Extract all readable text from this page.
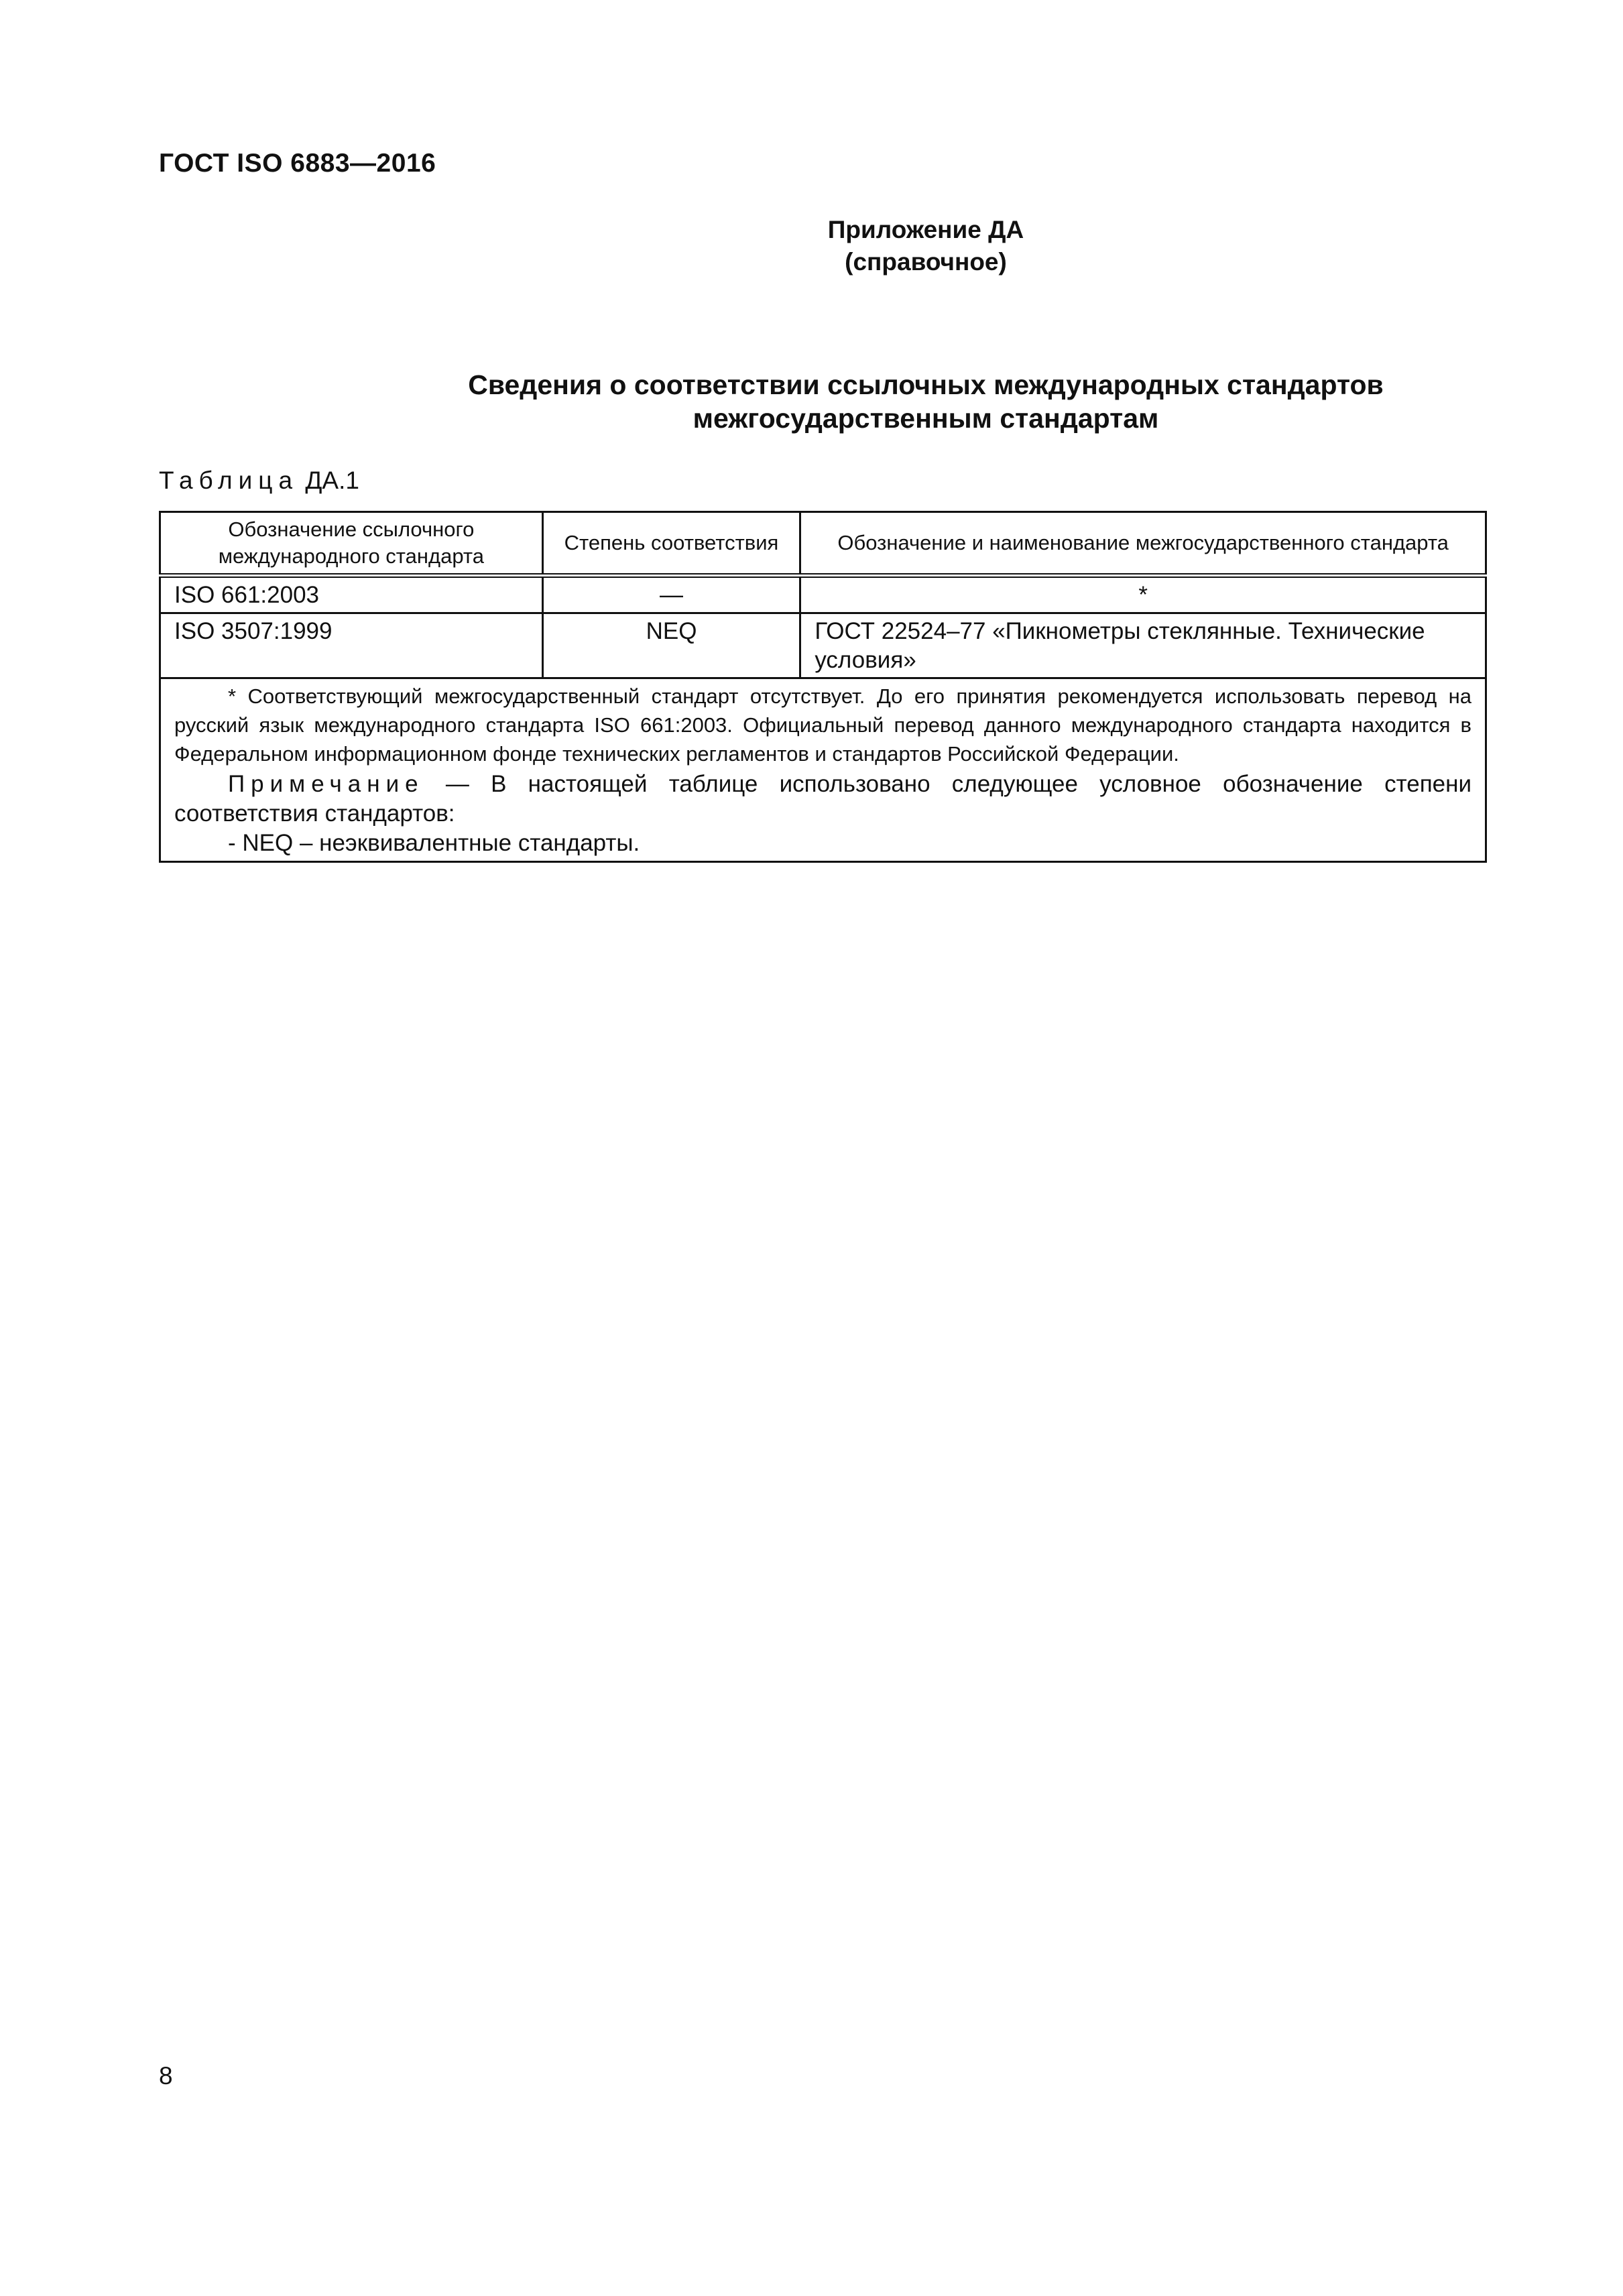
ГОСТ ISO 6883—2016
Приложение ДА
(справочное)
Сведения о соответствии ссылочных международных стандартов
межгосударственным стандартам
Таблица ДА.1
Обозначение ссылочного международного стандарта	Степень соответствия	Обозначение и наименование межгосударственного стандарта
ISO 661:2003	—	*
ISO 3507:1999	NEQ	ГОСТ 22524–77 «Пикнометры стеклянные. Технические условия»

* Соответствующий межгосударственный стандарт отсутствует. До его принятия рекомендуется использовать перевод на русский язык международного стандарта ISO 661:2003. Официальный перевод данного международного стандарта находится в Федеральном информационном фонде технических регламентов и стандартов Российской Федерации.
Примечание — В настоящей таблице использовано следующее условное обозначение степени соответствия стандартов:
- NEQ – неэквивалентные стандарты.		
8
